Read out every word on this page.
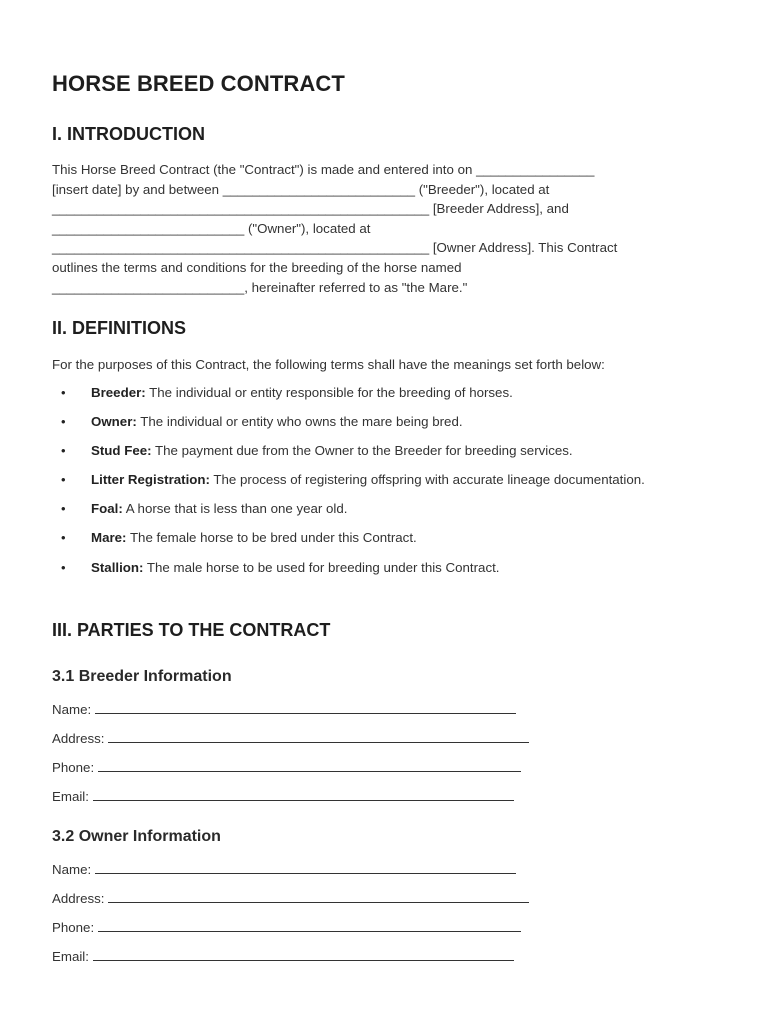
HORSE BREED CONTRACT
I. INTRODUCTION
This Horse Breed Contract (the "Contract") is made and entered into on ________________
[insert date] by and between __________________________ ("Breeder"), located at
___________________________________________________ [Breeder Address], and
__________________________ ("Owner"), located at
___________________________________________________ [Owner Address]. This Contract
outlines the terms and conditions for the breeding of the horse named
__________________________, hereinafter referred to as "the Mare."
II. DEFINITIONS

For the purposes of this Contract, the following terms shall have the meanings set forth below:

• Breeder: The individual or entity responsible for the breeding of horses.
• Owner: The individual or entity who owns the mare being bred.
• Stud Fee: The payment due from the Owner to the Breeder for breeding services.
• Litter Registration: The process of registering offspring with accurate lineage documentation.
• Foal: A horse that is less than one year old.
• Mare: The female horse to be bred under this Contract.
• Stallion: The male horse to be used for breeding under this Contract.
III. PARTIES TO THE CONTRACT
3.1 Breeder Information
Name:
Address:
Phone:
Email:
3.2 Owner Information
Name:
Address:
Phone:
Email:
